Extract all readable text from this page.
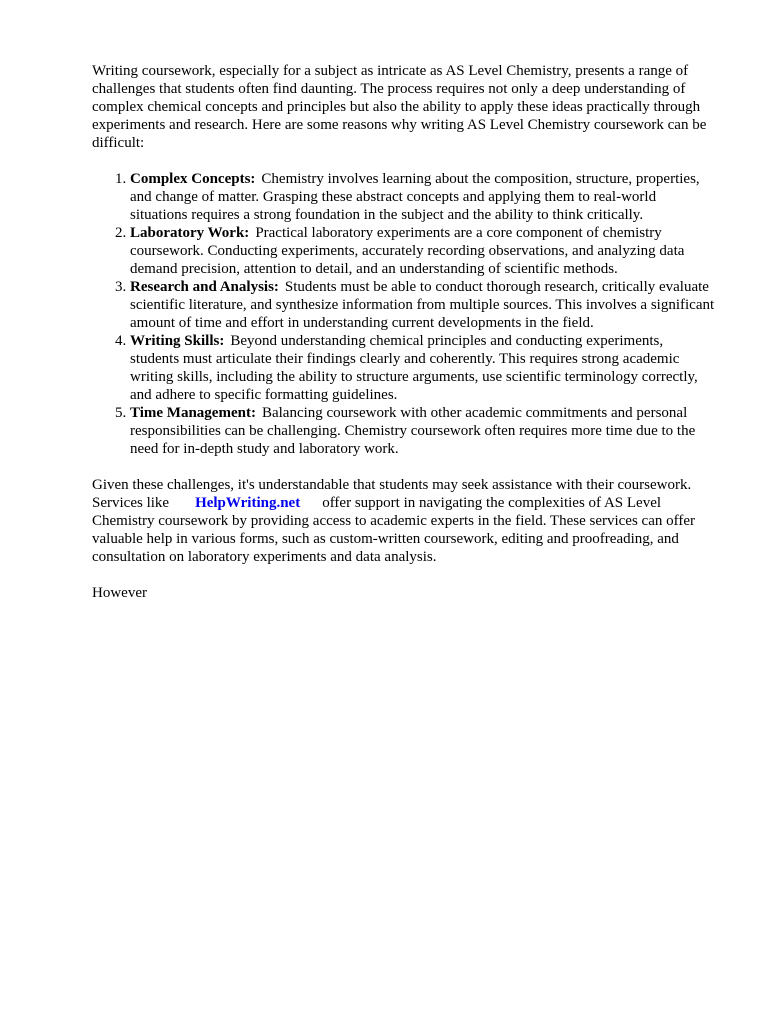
Writing coursework, especially for a subject as intricate as AS Level Chemistry, presents a range of challenges that students often find daunting. The process requires not only a deep understanding of complex chemical concepts and principles but also the ability to apply these ideas practically through experiments and research. Here are some reasons why writing AS Level Chemistry coursework can be difficult:

1. Complex Concepts: Chemistry involves learning about the composition, structure, properties, and change of matter. Grasping these abstract concepts and applying them to real-world situations requires a strong foundation in the subject and the ability to think critically.
2. Laboratory Work: Practical laboratory experiments are a core component of chemistry coursework. Conducting experiments, accurately recording observations, and analyzing data demand precision, attention to detail, and an understanding of scientific methods.
3. Research and Analysis: Students must be able to conduct thorough research, critically evaluate scientific literature, and synthesize information from multiple sources. This involves a significant amount of time and effort in understanding current developments in the field.
4. Writing Skills: Beyond understanding chemical principles and conducting experiments, students must articulate their findings clearly and coherently. This requires strong academic writing skills, including the ability to structure arguments, use scientific terminology correctly, and adhere to specific formatting guidelines.
5. Time Management: Balancing coursework with other academic commitments and personal responsibilities can be challenging. Chemistry coursework often requires more time due to the need for in-depth study and laboratory work.

Given these challenges, it's understandable that students may seek assistance with their coursework. Services like HelpWriting.net offer support in navigating the complexities of AS Level Chemistry coursework by providing access to academic experts in the field. These services can offer valuable help in various forms, such as custom-written coursework, editing and proofreading, and consultation on laboratory experiments and data analysis.

However
